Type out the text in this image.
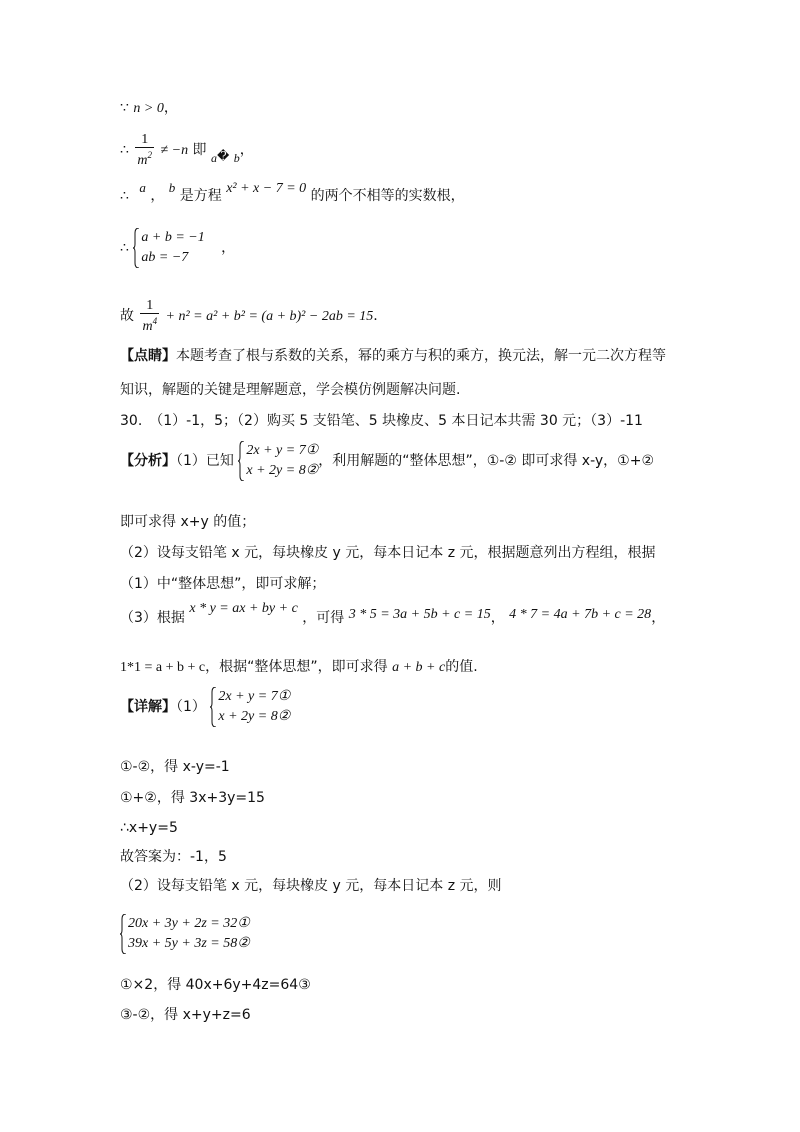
∵ n > 0，
∴ $\frac{1}{m^2} \ne -n$ 即 a� b，
∴ a ， b 是方程 x² + x − 7 = 0 的两个不相等的实数根，
∴
a + b = −1
ab = −7
，
故 $\frac{1}{m^4} + n^2 = a^2 + b^2 = (a + b)^2 - 2ab = 15$.
【点睛】本题考查了根与系数的关系，幂的乘方与积的乘方，换元法，解一元二次方程等
知识，解题的关键是理解题意，学会模仿例题解决问题.
30.　（1）-1，5；（2）购买 5 支铅笔、5 块橡皮、5 本日记本共需 30 元；（3）-11
【分析】（1）已知
2x + y = 7①
x + 2y = 8②
，利用解题的“整体思想”，①-② 即可求得 x-y，①+②
即可求得 x+y 的值；
（2）设每支铅笔 x 元，每块橡皮 y 元，每本日记本 z 元，根据题意列出方程组，根据
（1）中“整体思想”，即可求解；
（3）根据 x * y = ax + by + c ，可得 3 * 5 = 3a + 5b + c = 15， 4 * 7 = 4a + 7b + c = 28，
1*1 = a + b + c，根据“整体思想”，即可求得 a + b + c的值.
【详解】（1）
2x + y = 7①
x + 2y = 8②
①-②，得 x-y=-1
①+②，得 3x+3y=15
∴x+y=5
故答案为：-1，5
（2）设每支铅笔 x 元，每块橡皮 y 元，每本日记本 z 元，则
20x + 3y + 2z = 32①
39x + 5y + 3z = 58②
①×2，得 40x+6y+4z=64③
③-②，得 x+y+z=6
